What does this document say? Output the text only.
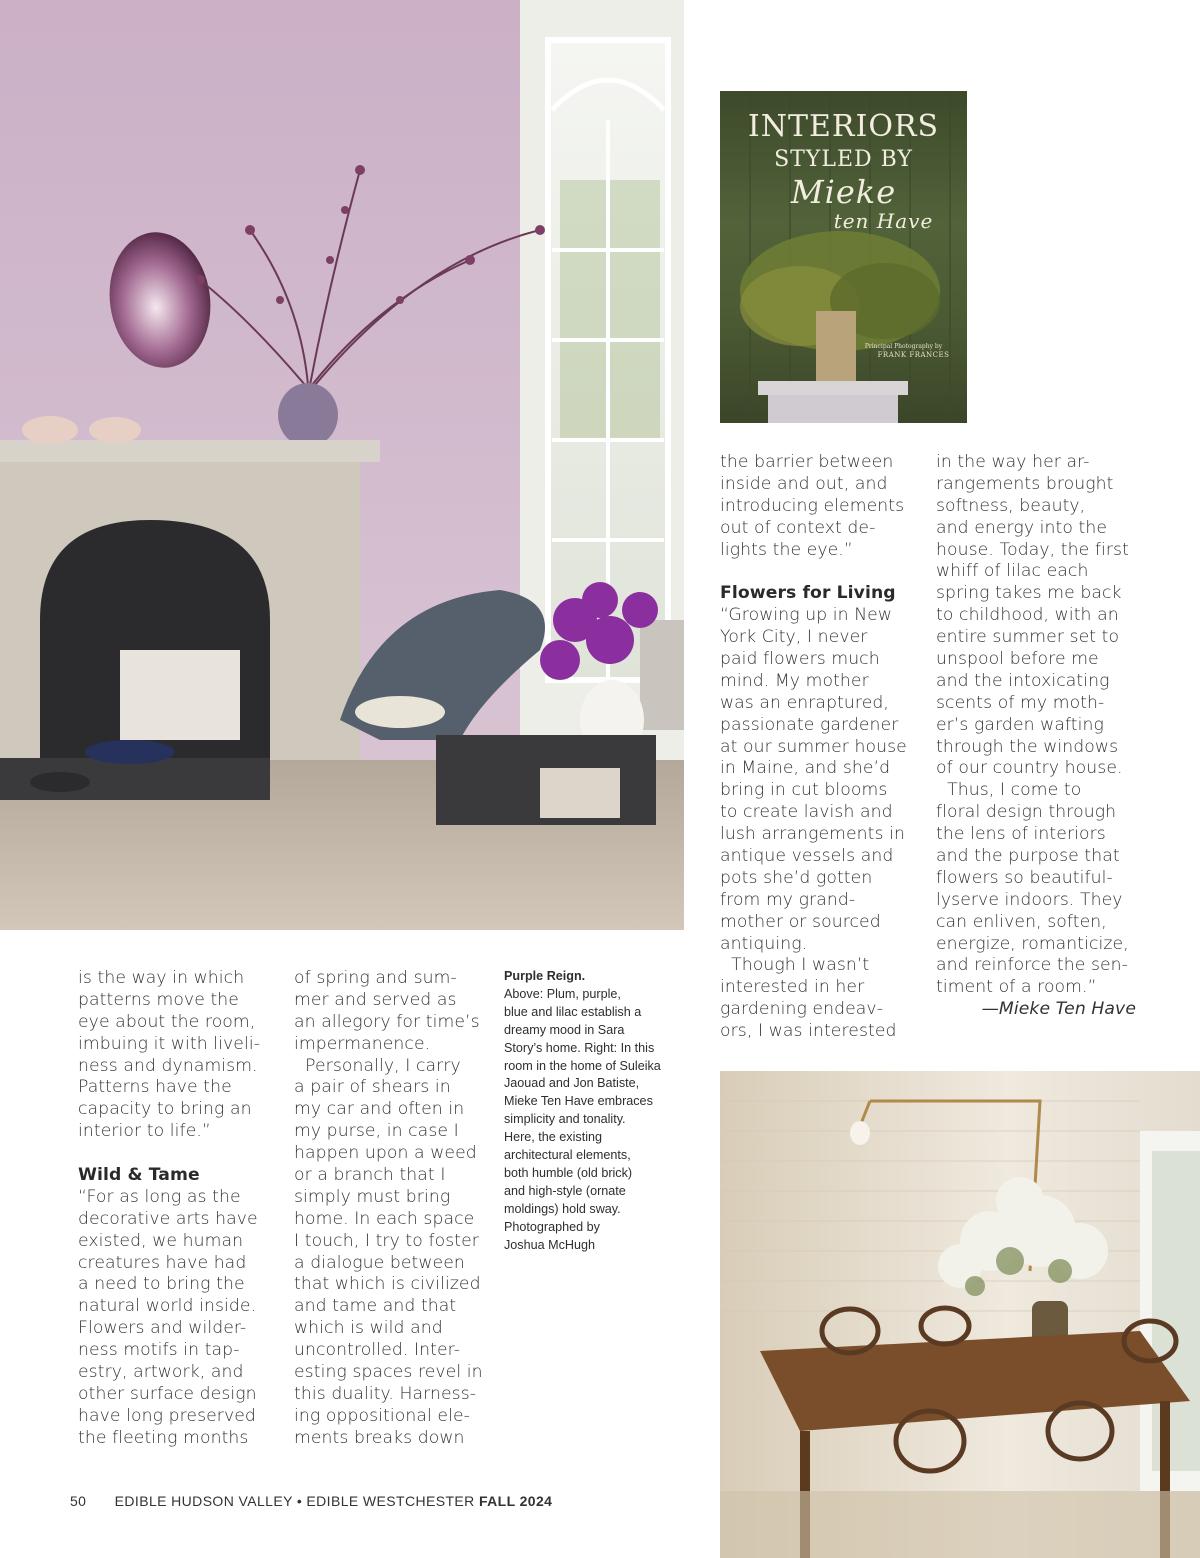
INTERIORS
STYLED BY
Mieke
ten Have
Principal Photography by
FRANK FRANCES
the barrier between
inside and out, and
introducing elements
out of context de-
lights the eye.”
Flowers for Living
“Growing up in New
York City, I never
paid flowers much
mind. My mother
was an enraptured,
passionate gardener
at our summer house
in Maine, and she’d
bring in cut blooms
to create lavish and
lush arrangements in
antique vessels and
pots she’d gotten
from my grand-
mother or sourced
antiquing.
Though I wasn’t
interested in her
gardening endeav-
ors, I was interested
in the way her ar-
rangements brought
softness, beauty,
and energy into the
house. Today, the first
whiff of lilac each
spring takes me back
to childhood, with an
entire summer set to
unspool before me
and the intoxicating
scents of my moth-
er’s garden wafting
through the windows
of our country house.
Thus, I come to
floral design through
the lens of interiors
and the purpose that
flowers so beautiful-
lyserve indoors. They
can enliven, soften,
energize, romanticize,
and reinforce the sen-
timent of a room.”
—Mieke Ten Have
is the way in which
patterns move the
eye about the room,
imbuing it with liveli-
ness and dynamism.
Patterns have the
capacity to bring an
interior to life.”
Wild & Tame
“For as long as the
decorative arts have
existed, we human
creatures have had
a need to bring the
natural world inside.
Flowers and wilder-
ness motifs in tap-
estry, artwork, and
other surface design
have long preserved
the fleeting months
of spring and sum-
mer and served as
an allegory for time’s
impermanence.
Personally, I carry
a pair of shears in
my car and often in
my purse, in case I
happen upon a weed
or a branch that I
simply must bring
home. In each space
I touch, I try to foster
a dialogue between
that which is civilized
and tame and that
which is wild and
uncontrolled. Inter-
esting spaces revel in
this duality. Harness-
ing oppositional ele-
ments breaks down
Purple Reign.
Above: Plum, purple,
blue and lilac establish a
dreamy mood in Sara
Story’s home. Right: In this
room in the home of Suleika
Jaouad and Jon Batiste,
Mieke Ten Have embraces
simplicity and tonality.
Here, the existing
architectural elements,
both humble (old brick)
and high-style (ornate
moldings) hold sway.
Photographed by
Joshua McHugh
50 EDIBLE HUDSON VALLEY • EDIBLE WESTCHESTER FALL 2024
